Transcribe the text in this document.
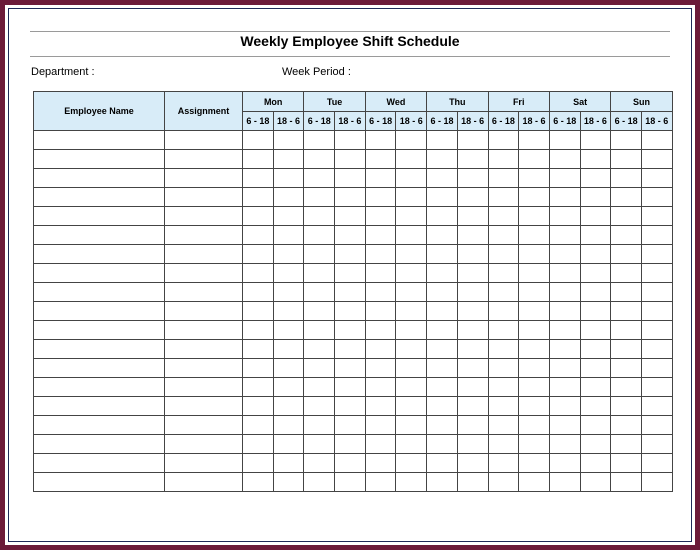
Weekly Employee Shift Schedule
Department :	Week Period :
Employee Name	Assignment	Mon		Tue		Wed		Thu		Fri		Sat		Sun	
		6 - 18	18 - 6	6 - 18	18 - 6	6 - 18	18 - 6	6 - 18	18 - 6	6 - 18	18 - 6	6 - 18	18 - 6	6 - 18	18 - 6
